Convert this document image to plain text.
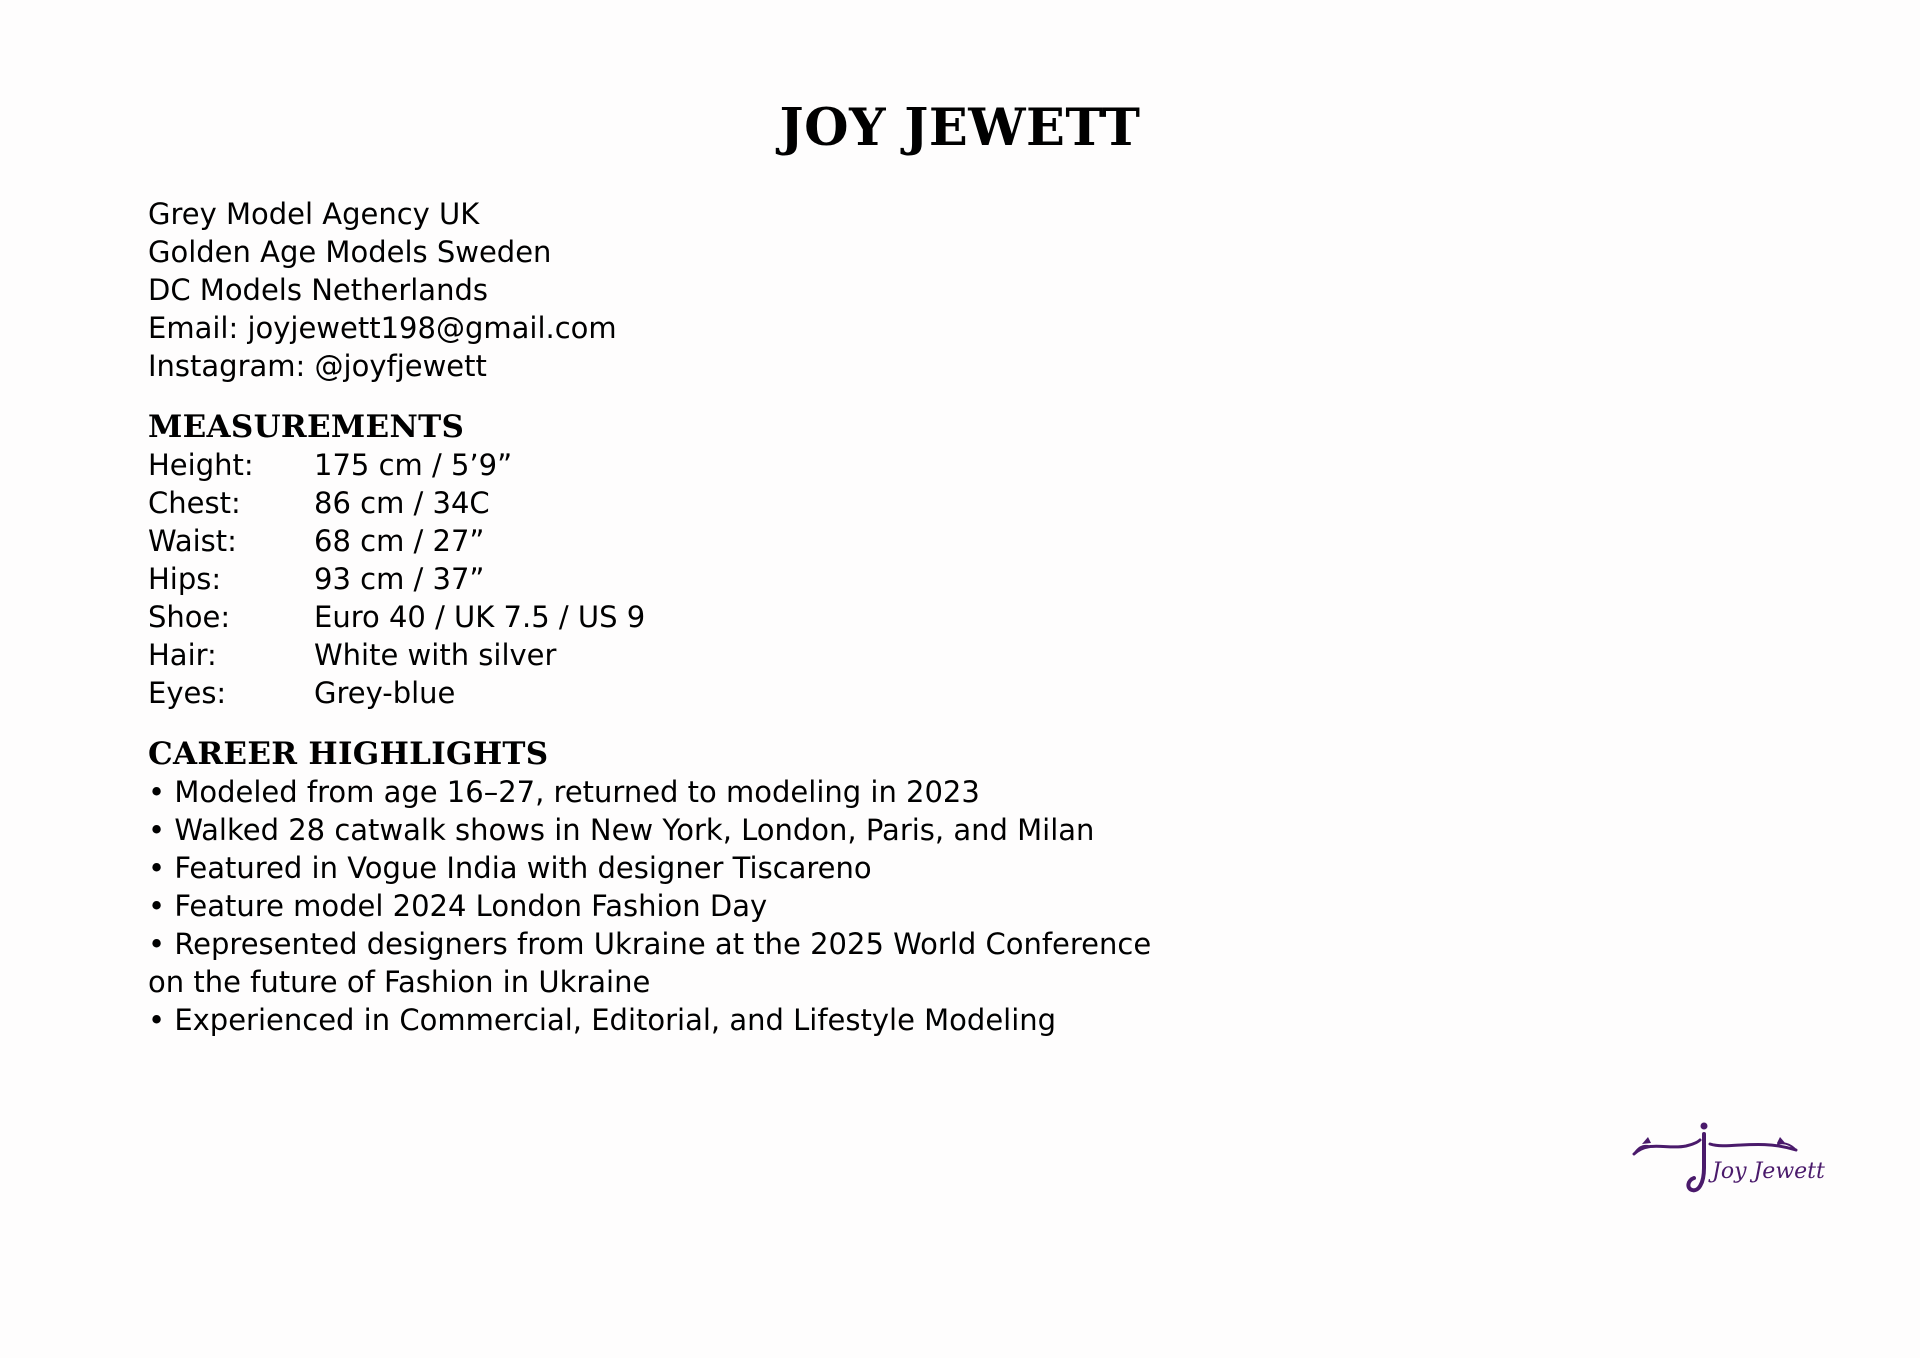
JOY JEWETT

Grey Model Agency UK

Golden Age Models Sweden

DC Models Netherlands

Email: joyjewett198@gmail.com

Instagram: @joyfjewett

MEASUREMENTS
Height:	175 cm / 5’9”
Chest:	86 cm / 34C
Waist:	68 cm / 27”
Hips:	93 cm / 37”
Shoe:	Euro 40 / UK 7.5 / US 9
Hair:	White with silver
Eyes:	Grey-blue
CAREER HIGHLIGHTS

• Modeled from age 16–27, returned to modeling in 2023

• Walked 28 catwalk shows in New York, London, Paris, and Milan

• Featured in Vogue India with designer Tiscareno

• Feature model 2024 London Fashion Day

• Represented designers from Ukraine at the 2025 World Conference

on the future of Fashion in Ukraine

• Experienced in Commercial, Editorial, and Lifestyle Modeling

Joy Jewett
